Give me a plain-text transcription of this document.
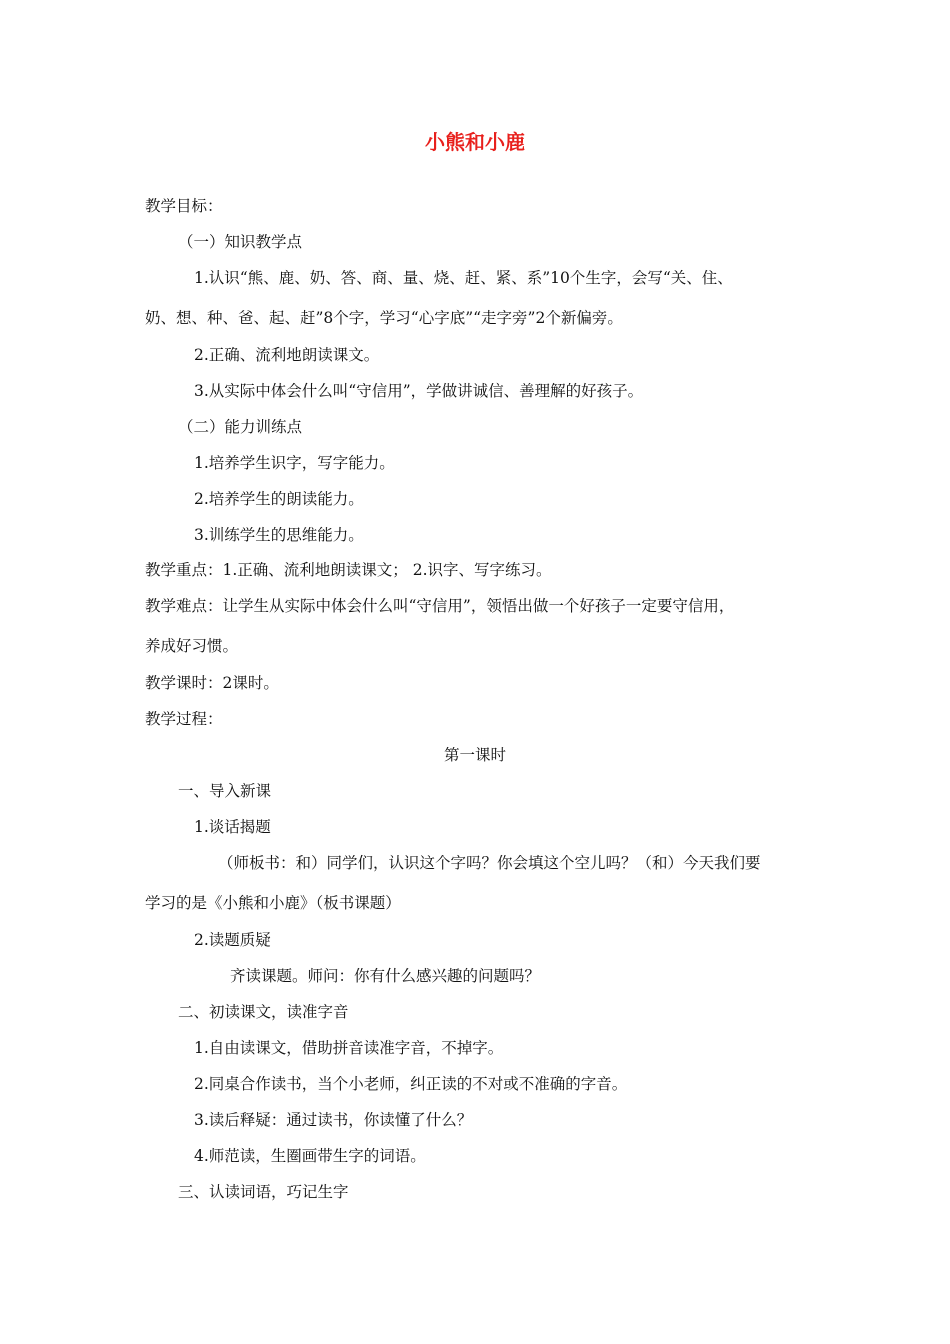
小熊和小鹿
教学目标：
（一）知识教学点
1.认识“熊、鹿、奶、答、商、量、烧、赶、紧、系”10个生字，会写“关、住、
奶、想、种、爸、起、赶”8个字，学习“心字底”“走字旁”2个新偏旁。
2.正确、流利地朗读课文。
3.从实际中体会什么叫“守信用”，学做讲诚信、善理解的好孩子。
（二）能力训练点
1.培养学生识字，写字能力。
2.培养学生的朗读能力。
3.训练学生的思维能力。
教学重点：1.正确、流利地朗读课文； 2.识字、写字练习。
教学难点：让学生从实际中体会什么叫“守信用”，领悟出做一个好孩子一定要守信用，
养成好习惯。
教学课时：2课时。
教学过程：
第一课时
一、导入新课
1.谈话揭题
（师板书：和）同学们，认识这个字吗？你会填这个空儿吗？（和）今天我们要
学习的是《小熊和小鹿》（板书课题）
2.读题质疑
齐读课题。师问：你有什么感兴趣的问题吗？
二、初读课文，读准字音
1.自由读课文，借助拼音读准字音，不掉字。
2.同桌合作读书，当个小老师，纠正读的不对或不准确的字音。
3.读后释疑：通过读书，你读懂了什么？
4.师范读，生圈画带生字的词语。
三、认读词语，巧记生字
